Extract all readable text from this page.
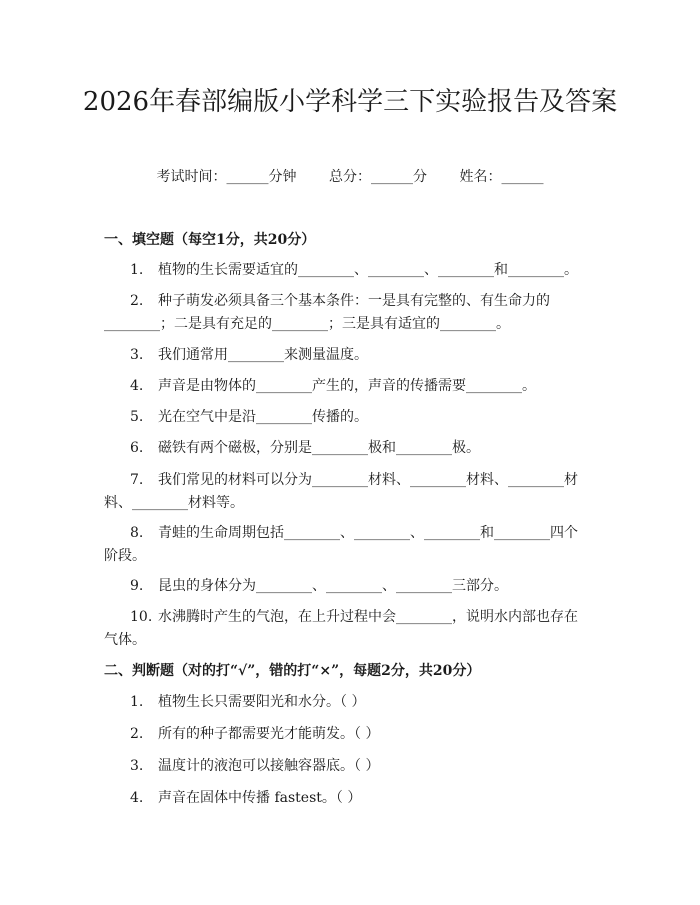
2026年春部编版小学科学三下实验报告及答案
考试时间：______分钟 总分：______分 姓名：______
一、填空题（每空1分，共20分）
1. 植物的生长需要适宜的________、________、________和________。
2. 种子萌发必须具备三个基本条件：一是具有完整的、有生命力的________；二是具有充足的________；三是具有适宜的________。
3. 我们通常用________来测量温度。
4. 声音是由物体的________产生的，声音的传播需要________。
5. 光在空气中是沿________传播的。
6. 磁铁有两个磁极，分别是________极和________极。
7. 我们常见的材料可以分为________材料、________材料、________材料、________材料等。
8. 青蛙的生命周期包括________、________、________和________四个阶段。
9. 昆虫的身体分为________、________、________三部分。
10. 水沸腾时产生的气泡，在上升过程中会________，说明水内部也存在气体。
二、判断题（对的打“√”，错的打“×”，每题2分，共20分）
1. 植物生长只需要阳光和水分。（ ）
2. 所有的种子都需要光才能萌发。（ ）
3. 温度计的液泡可以接触容器底。（ ）
4. 声音在固体中传播 fastest。（ ）
